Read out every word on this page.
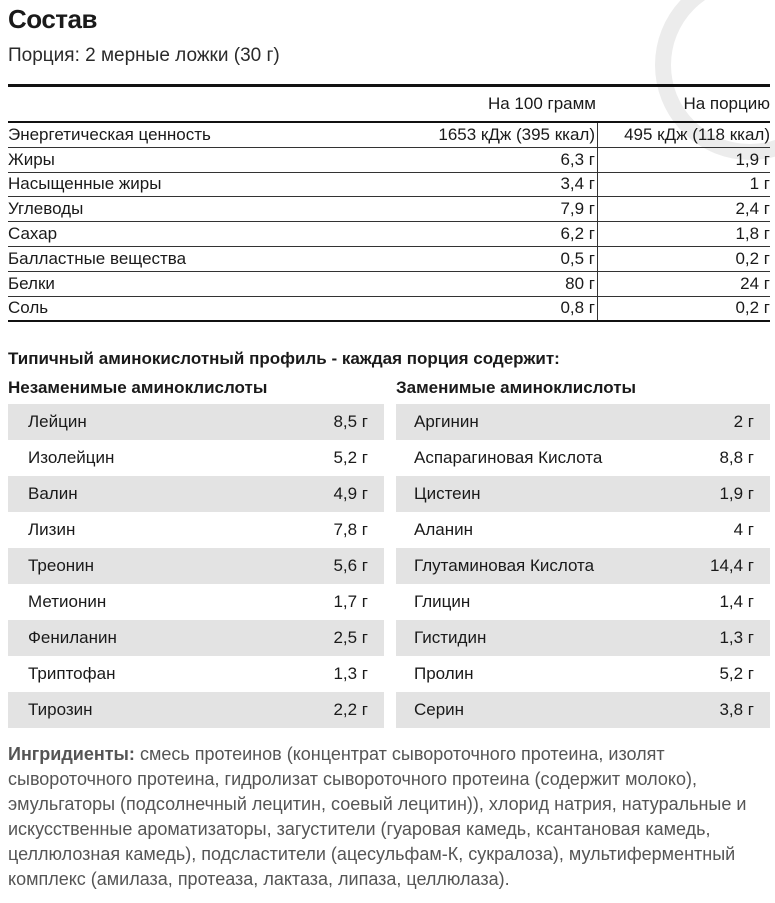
Состав
Порция: 2 мерные ложки (30 г)
На 100 грамм	На порцию
Энергетическая ценность	1653 кДж (395 ккал)	495 кДж (118 ккал)
Жиры	6,3 г	1,9 г
Насыщенные жиры	3,4 г	1 г
Углеводы	7,9 г	2,4 г
Сахар	6,2 г	1,8 г
Балластные вещества	0,5 г	0,2 г
Белки	80 г	24 г
Соль	0,8 г	0,2 г
Типичный аминокислотный профиль - каждая порция содержит:
Незаменимые аминоклислоты	Заменимые аминоклислоты
Лейцин	8,5 г
Изолейцин	5,2 г
Валин	4,9 г
Лизин	7,8 г
Треонин	5,6 г
Метионин	1,7 г
Фениланин	2,5 г
Триптофан	1,3 г
Тирозин	2,2 г
Аргинин	2 г
Аспарагиновая Кислота	8,8 г
Цистеин	1,9 г
Аланин	4 г
Глутаминовая Кислота	14,4 г
Глицин	1,4 г
Гистидин	1,3 г
Пролин	5,2 г
Серин	3,8 г
Ингридиенты: смесь протеинов (концентрат сывороточного протеина, изолят сывороточного протеина, гидролизат сывороточного протеина (содержит молоко), эмульгаторы (подсолнечный лецитин, соевый лецитин)), хлорид натрия, натуральные и искусственные ароматизаторы, загустители (гуаровая камедь, ксантановая камедь, целлюлозная камедь), подсластители (ацесульфам-К, сукралоза), мультиферментный комплекс (амилаза, протеаза, лактаза, липаза, целлюлаза).
